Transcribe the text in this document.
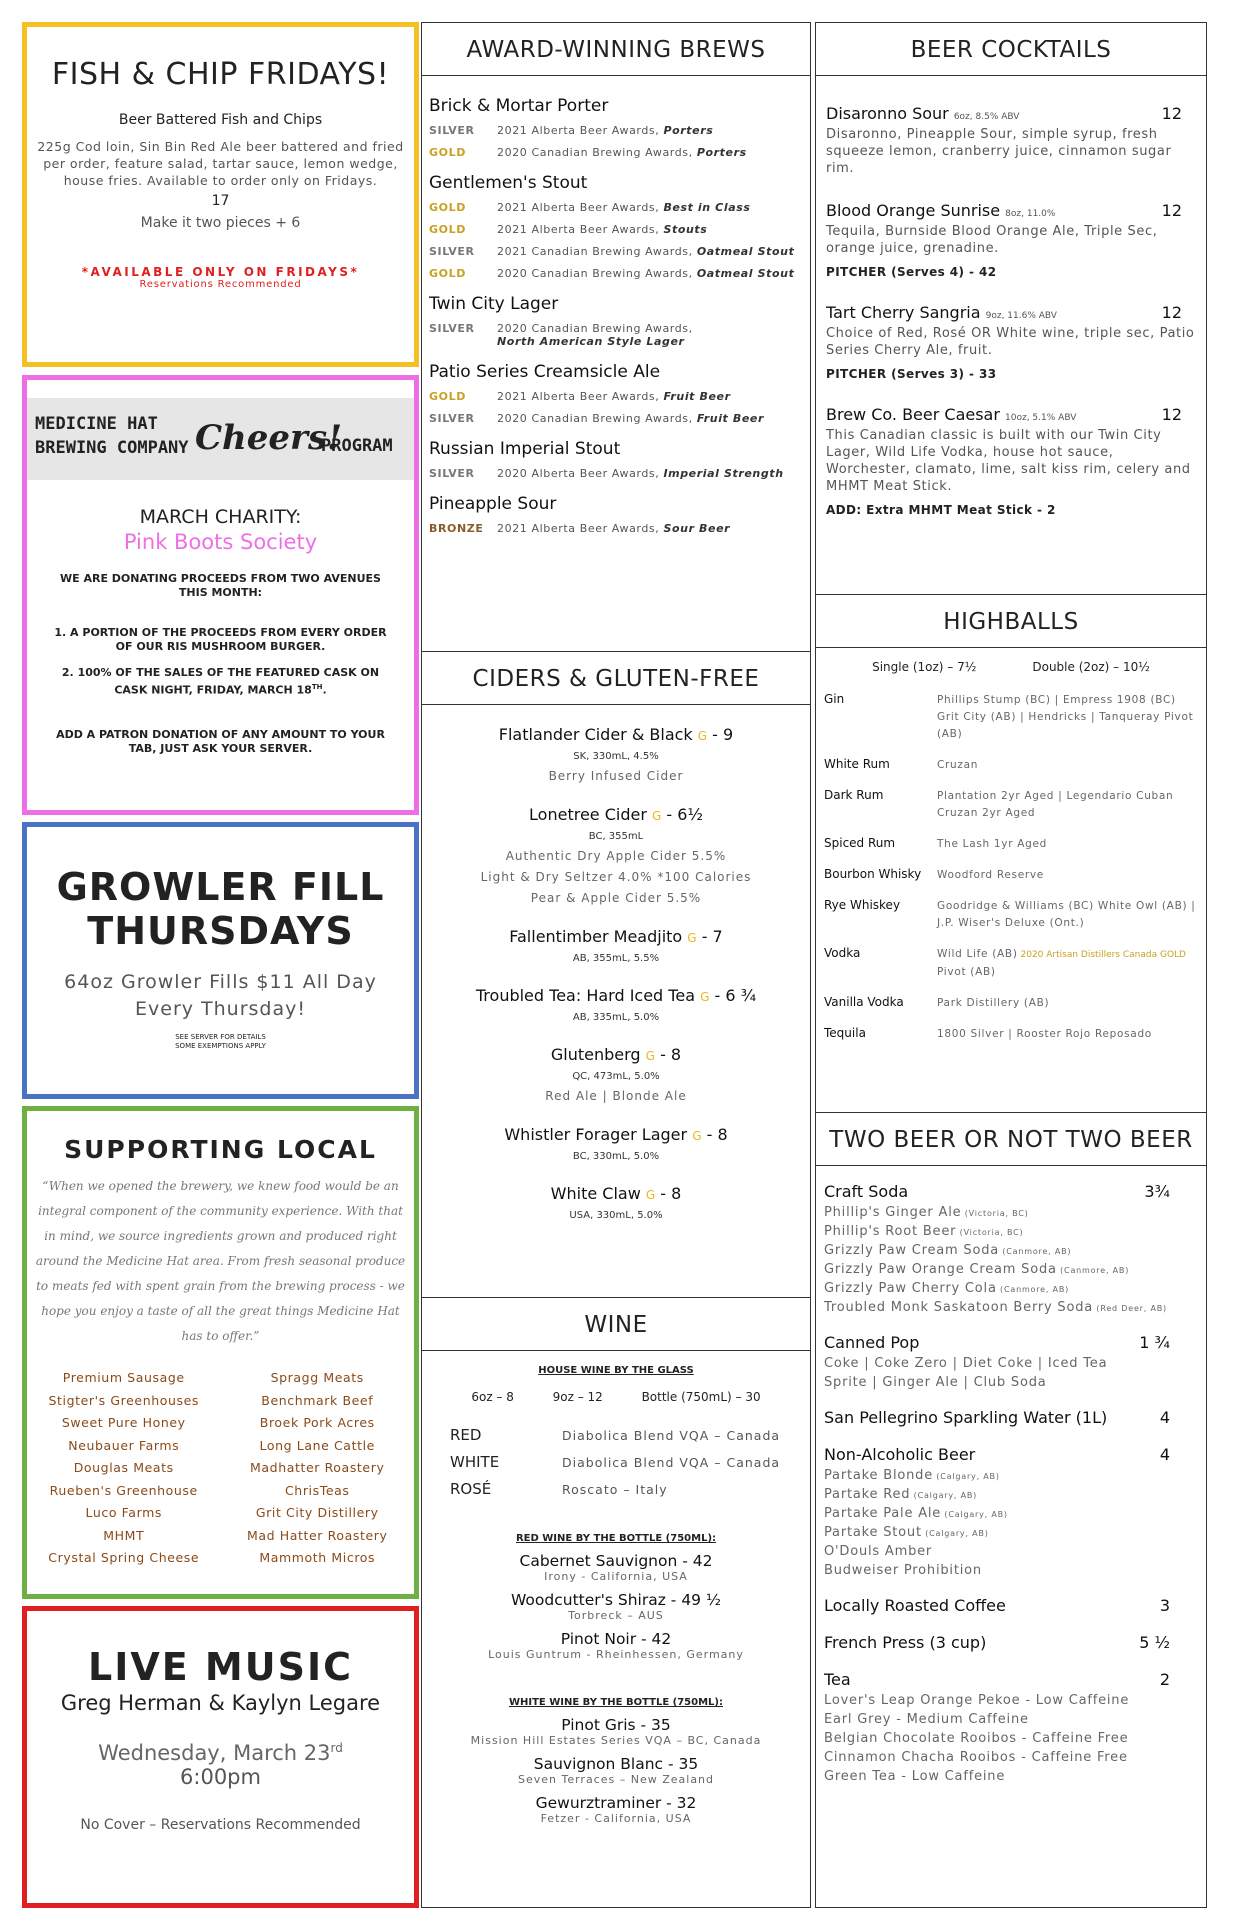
FISH & CHIP FRIDAYS!
Beer Battered Fish and Chips
225g Cod loin, Sin Bin Red Ale beer battered and fried per order, feature salad, tartar sauce, lemon wedge, house fries. Available to order only on Fridays.
17
Make it two pieces + 6
*AVAILABLE ONLY ON FRIDAYS*
Reservations Recommended
MEDICINE HAT
BREWING COMPANY Cheers!
PROGRAM
MARCH CHARITY:
Pink Boots Society
WE ARE DONATING PROCEEDS FROM TWO AVENUES THIS MONTH:
1. A PORTION OF THE PROCEEDS FROM EVERY ORDER OF OUR RIS MUSHROOM BURGER.
2. 100% OF THE SALES OF THE FEATURED CASK ON CASK NIGHT, FRIDAY, MARCH 18TH.
ADD A PATRON DONATION OF ANY AMOUNT TO YOUR TAB, JUST ASK YOUR SERVER.
GROWLER FILL
THURSDAYS
64oz Growler Fills $11 All Day
Every Thursday!
SEE SERVER FOR DETAILS
SOME EXEMPTIONS APPLY
SUPPORTING LOCAL
“When we opened the brewery, we knew food would be an integral component of the community experience. With that in mind, we source ingredients grown and produced right around the Medicine Hat area. From fresh seasonal produce to meats fed with spent grain from the brewing process - we hope you enjoy a taste of all the great things Medicine Hat has to offer.”
Premium Sausage
Stigter's Greenhouses
Sweet Pure Honey
Neubauer Farms
Douglas Meats
Rueben's Greenhouse
Luco Farms
MHMT
Crystal Spring Cheese
Spragg Meats
Benchmark Beef
Broek Pork Acres
Long Lane Cattle
Madhatter Roastery
ChrisTeas
Grit City Distillery
Mad Hatter Roastery
Mammoth Micros
LIVE MUSIC
Greg Herman & Kaylyn Legare
Wednesday, March 23rd
6:00pm
No Cover – Reservations Recommended
AWARD-WINNING BREWS
Brick & Mortar Porter
SILVER	2021 Alberta Beer Awards, Porters
GOLD	2020 Canadian Brewing Awards, Porters
Gentlemen's Stout
GOLD	2021 Alberta Beer Awards, Best in Class
GOLD	2021 Alberta Beer Awards, Stouts
SILVER	2021 Canadian Brewing Awards, Oatmeal Stout
GOLD	2020 Canadian Brewing Awards, Oatmeal Stout
Twin City Lager
SILVER	2020 Canadian Brewing Awards,
North American Style Lager
Patio Series Creamsicle Ale
GOLD	2021 Alberta Beer Awards, Fruit Beer
SILVER	2020 Canadian Brewing Awards, Fruit Beer
Russian Imperial Stout
SILVER	2020 Alberta Beer Awards, Imperial Strength
Pineapple Sour
BRONZE	2021 Alberta Beer Awards, Sour Beer
CIDERS & GLUTEN-FREE
Flatlander Cider & Black G - 9
SK, 330mL, 4.5%
Berry Infused Cider
Lonetree Cider G - 6½
BC, 355mL
Authentic Dry Apple Cider 5.5%
Light & Dry Seltzer 4.0% *100 Calories
Pear & Apple Cider 5.5%
Fallentimber Meadjito G - 7
AB, 355mL, 5.5%
Troubled Tea: Hard Iced Tea G - 6 ¾
AB, 335mL, 5.0%
Glutenberg G - 8
QC, 473mL, 5.0%
Red Ale | Blonde Ale
Whistler Forager Lager G - 8
BC, 330mL, 5.0%
White Claw G - 8
USA, 330mL, 5.0%
WINE
HOUSE WINE BY THE GLASS
6oz – 8	9oz – 12	Bottle (750mL) – 30
RED	Diabolica Blend VQA – Canada
WHITE	Diabolica Blend VQA – Canada
ROSÉ	Roscato – Italy
RED WINE BY THE BOTTLE (750ML):
Cabernet Sauvignon - 42
Irony - California, USA
Woodcutter's Shiraz - 49 ½
Torbreck – AUS
Pinot Noir - 42
Louis Guntrum - Rheinhessen, Germany
WHITE WINE BY THE BOTTLE (750ML):
Pinot Gris - 35
Mission Hill Estates Series VQA – BC, Canada
Sauvignon Blanc - 35
Seven Terraces – New Zealand
Gewurztraminer - 32
Fetzer - California, USA
BEER COCKTAILS
Disaronno Sour 6oz, 8.5% ABV	12
Disaronno, Pineapple Sour, simple syrup, fresh squeeze lemon, cranberry juice, cinnamon sugar rim.
Blood Orange Sunrise 8oz, 11.0%	12
Tequila, Burnside Blood Orange Ale, Triple Sec, orange juice, grenadine.
PITCHER (Serves 4) - 42
Tart Cherry Sangria 9oz, 11.6% ABV	12
Choice of Red, Rosé OR White wine, triple sec, Patio Series Cherry Ale, fruit.
PITCHER (Serves 3) - 33
Brew Co. Beer Caesar 10oz, 5.1% ABV	12
This Canadian classic is built with our Twin City Lager, Wild Life Vodka, house hot sauce, Worchester, clamato, lime, salt kiss rim, celery and MHMT Meat Stick.
ADD: Extra MHMT Meat Stick - 2
HIGHBALLS
Single (1oz) – 7½	Double (2oz) – 10½
Gin	Phillips Stump (BC) | Empress 1908 (BC) Grit City (AB) | Hendricks | Tanqueray Pivot (AB)
White Rum	Cruzan
Dark Rum	Plantation 2yr Aged | Legendario Cuban Cruzan 2yr Aged
Spiced Rum	The Lash 1yr Aged
Bourbon Whisky	Woodford Reserve
Rye Whiskey	Goodridge & Williams (BC) White Owl (AB) | J.P. Wiser's Deluxe (Ont.)
Vodka	Wild Life (AB) 2020 Artisan Distillers Canada GOLD
Pivot (AB)
Vanilla Vodka	Park Distillery (AB)
Tequila	1800 Silver | Rooster Rojo Reposado
TWO BEER OR NOT TWO BEER
Craft Soda	3¾
Phillip's Ginger Ale (Victoria, BC)
Phillip's Root Beer (Victoria, BC)
Grizzly Paw Cream Soda (Canmore, AB)
Grizzly Paw Orange Cream Soda (Canmore, AB)
Grizzly Paw Cherry Cola (Canmore, AB)
Troubled Monk Saskatoon Berry Soda (Red Deer, AB)
Canned Pop	1 ¾
Coke | Coke Zero | Diet Coke | Iced Tea
Sprite | Ginger Ale | Club Soda
San Pellegrino Sparkling Water (1L)	4
Non-Alcoholic Beer	4
Partake Blonde (Calgary, AB)
Partake Red (Calgary, AB)
Partake Pale Ale (Calgary, AB)
Partake Stout (Calgary, AB)
O'Douls Amber
Budweiser Prohibition
Locally Roasted Coffee	3
French Press (3 cup)	5 ½
Tea	2
Lover's Leap Orange Pekoe - Low Caffeine
Earl Grey - Medium Caffeine
Belgian Chocolate Rooibos - Caffeine Free
Cinnamon Chacha Rooibos - Caffeine Free
Green Tea - Low Caffeine
